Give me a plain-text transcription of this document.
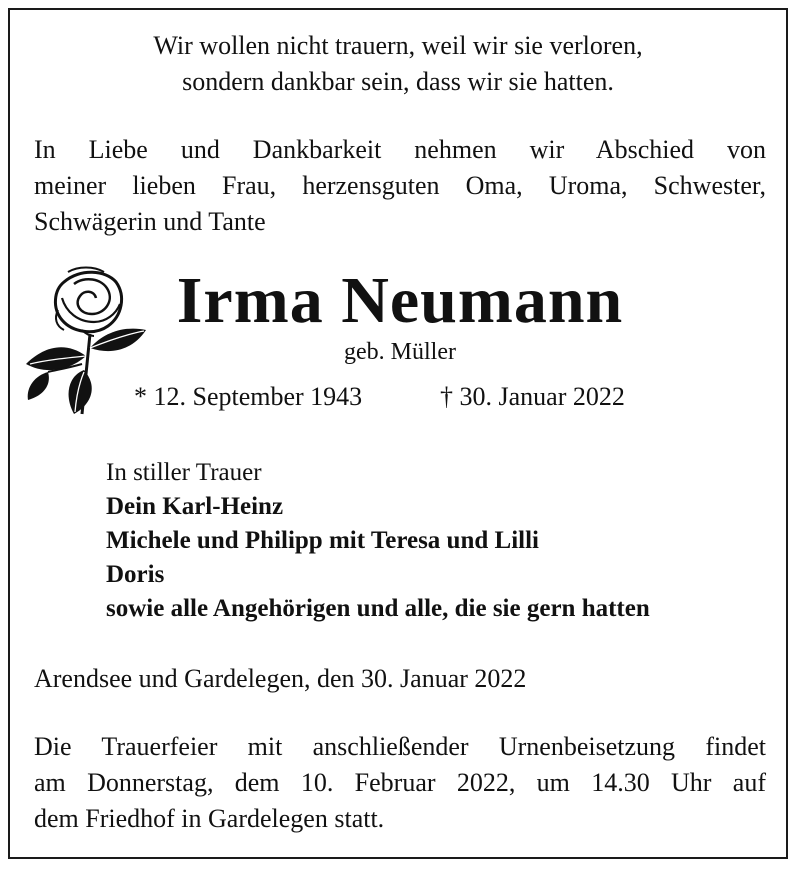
Wir wollen nicht trauern, weil wir sie verloren,
sondern dankbar sein, dass wir sie hatten.
In Liebe und Dankbarkeit nehmen wir Abschied von
meiner lieben Frau, herzensguten Oma, Uroma, Schwester,
Schwägerin und Tante
Irma Neumann
geb. Müller
* 12. September 1943	† 30. Januar 2022
In stiller Trauer
Dein Karl-Heinz
Michele und Philipp mit Teresa und Lilli
Doris
sowie alle Angehörigen und alle, die sie gern hatten
Arendsee und Gardelegen, den 30. Januar 2022
Die Trauerfeier mit anschließender Urnenbeisetzung findet
am Donnerstag, dem 10. Februar 2022, um 14.30 Uhr auf
dem Friedhof in Gardelegen statt.
